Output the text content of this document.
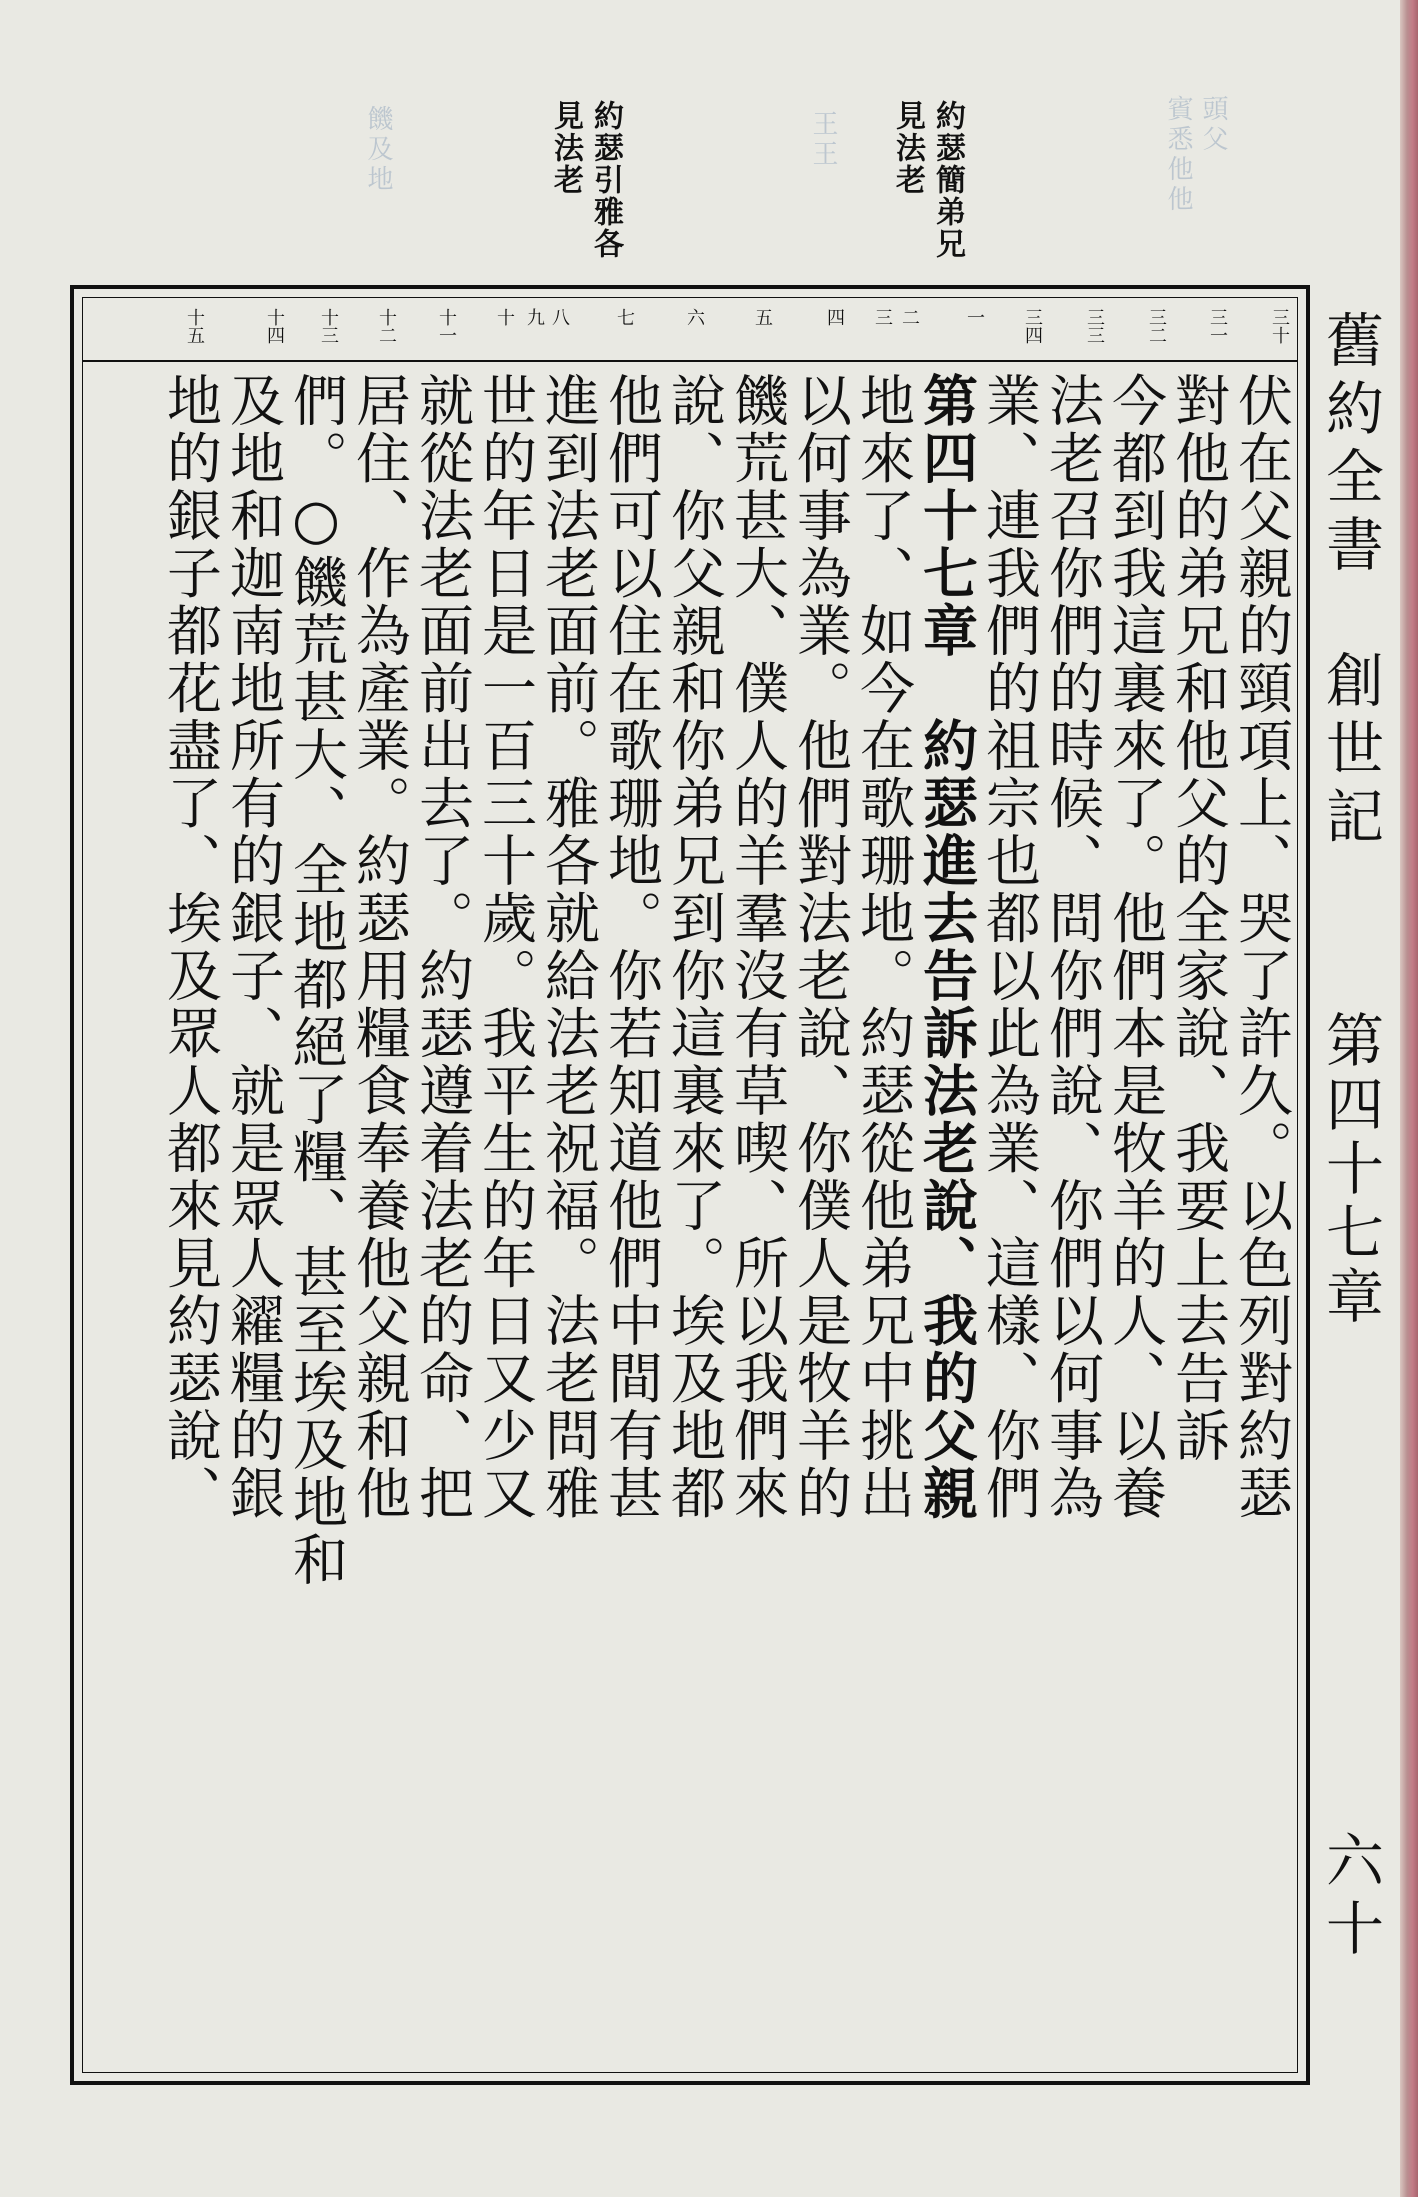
頭父
賓悉他他
饑及地	王王	約瑟簡弟兄
見法老
約瑟引雅各
見法老
三十
三一
三二
三三
三四
一
二
三
四
五
六
七
八
九
十
十一
十二
十三
十四
十五
伏在父親的頸項上、哭了許久。以色列對約瑟
對他的弟兄和他父的全家說、我要上去告訴
今都到我這裏來了。他們本是牧羊的人、以養
法老召你們的時候、問你們說、你們以何事為
業、連我們的祖宗也都以此為業、這樣、你們
第四十七章　約瑟進去告訴法老說、我的父親
地來了、如今在歌珊地。約瑟從他弟兄中挑出
以何事為業。他們對法老說、你僕人是牧羊的
饑荒甚大、僕人的羊羣沒有草喫、所以我們來
說、你父親和你弟兄到你這裏來了。埃及地都
他們可以住在歌珊地。你若知道他們中間有甚
進到法老面前。雅各就給法老祝福。法老問雅
世的年日是一百三十歲。我平生的年日又少又
就從法老面前出去了。約瑟遵着法老的命、把
居住、作為產業。約瑟用糧食奉養他父親和他
們。○饑荒甚大、全地都絕了糧、甚至埃及地和
及地和迦南地所有的銀子、就是眾人糴糧的銀
地的銀子都花盡了、埃及眾人都來見約瑟說、	舊約全書　創世記
第四十七章
六十
